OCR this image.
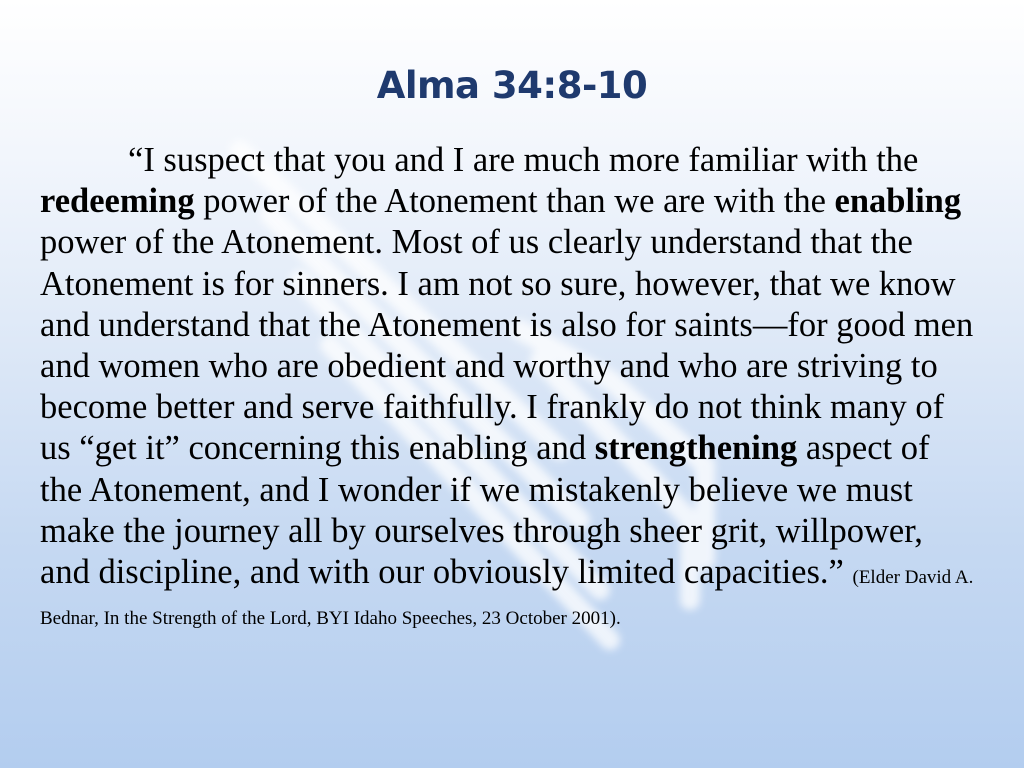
Alma 34:8-10

“I suspect that you and I are much more familiar with the redeeming power of the Atonement than we are with the enabling power of the Atonement. Most of us clearly understand that the Atonement is for sinners. I am not so sure, however, that we know and understand that the Atonement is also for saints—for good men and women who are obedient and worthy and who are striving to become better and serve faithfully. I frankly do not think many of us “get it” concerning this enabling and strengthening aspect of the Atonement, and I wonder if we mistakenly believe we must make the journey all by ourselves through sheer grit, willpower, and discipline, and with our obviously limited capacities.” (Elder David A. Bednar, In the Strength of the Lord, BYI Idaho Speeches, 23 October 2001).
